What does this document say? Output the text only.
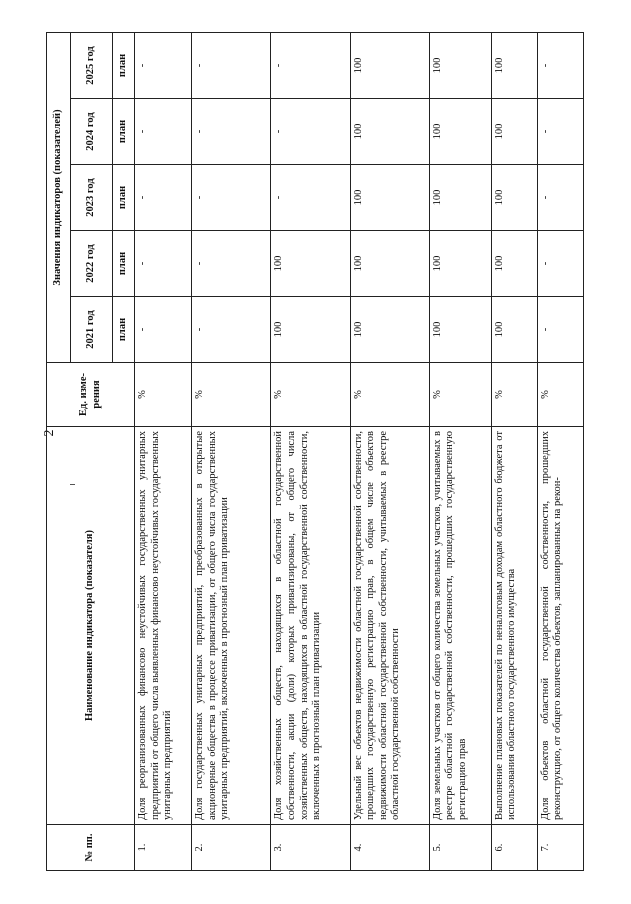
2
№ пп.	Наименование индикатора (показателя)	Ед. изме-рения	Значения индикаторов (показателей)				
			2021 год	2022 год	2023 год	2024 год	2025 год
			план	план	план	план	план
1.	Доля реорганизованных финансово неустойчивых государственных унитарных предприятий от общего числа выявленных финансово неустойчивых государственных унитарных предприятий	%	-	-	-	-	-
2.	Доля государственных унитарных предприятий, преобразованных в открытые акционерные общества в процессе приватизации, от общего числа государственных унитарных предприятий, включенных в прогнозный план приватизации	%	-	-	-	-	-
3.	Доля хозяйственных обществ, находящихся в областной государственной собственности, акции (доли) которых приватизированы, от общего числа хозяйственных обществ, находящихся в областной государственной собственности, включенных в прогнозный план приватизации	%	100	100	-	-	-
4.	Удельный вес объектов недвижимости областной государственной собственности, прошедших государственную регистрацию прав, в общем числе объектов недвижимости областной государственной собственности, учитываемых в реестре областной государственной собственности	%	100	100	100	100	100
5.	Доля земельных участков от общего количества земельных участков, учитываемых в реестре областной государственной собственности, прошедших государственную регистрацию прав	%	100	100	100	100	100
6.	Выполнение плановых показателей по неналоговым доходам областного бюджета от использования областного государственного имущества	%	100	100	100	100	100
7.	Доля объектов областной государственной собственности, прошедших реконструкцию, от общего количества объектов, запланированных на рекон-	%	-	-	-	-	-
